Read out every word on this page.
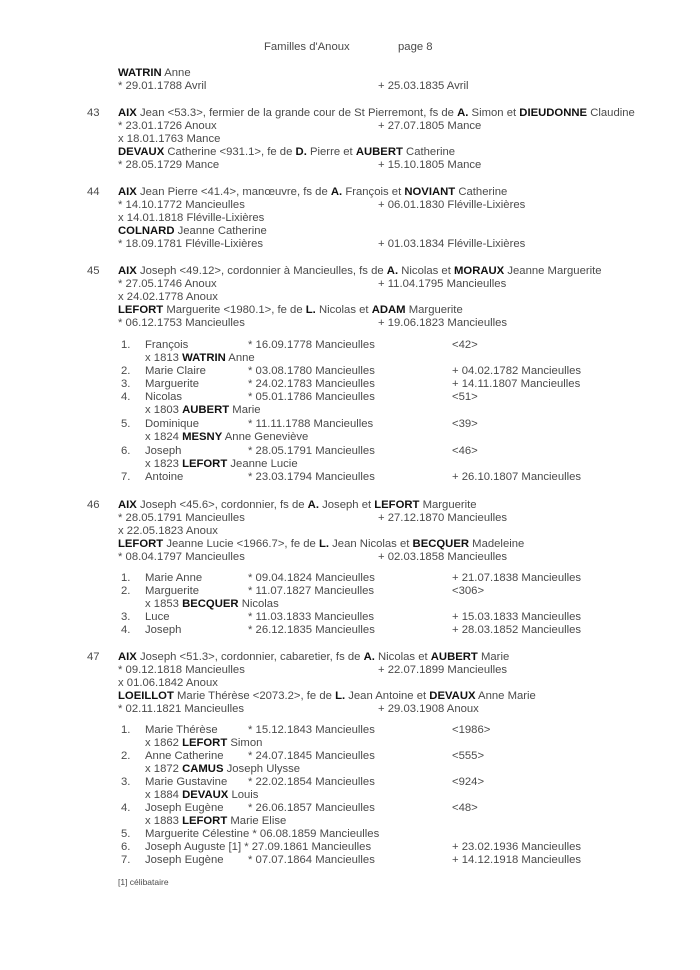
Familles d'Anoux	page 8
WATRIN Anne
* 29.01.1788 Avril	+ 25.03.1835 Avril
43 AIX Jean <53.3>, fermier de la grande cour de St Pierremont, fs de A. Simon et DIEUDONNE Claudine
* 23.01.1726 Anoux	+ 27.07.1805 Mance
x 18.01.1763 Mance
DEVAUX Catherine <931.1>, fe de D. Pierre et AUBERT Catherine
* 28.05.1729 Mance	+ 15.10.1805 Mance
44 AIX Jean Pierre <41.4>, manœuvre, fs de A. François et NOVIANT Catherine
* 14.10.1772 Mancieulles	+ 06.01.1830 Fléville-Lixières
x 14.01.1818 Fléville-Lixières
COLNARD Jeanne Catherine
* 18.09.1781 Fléville-Lixières	+ 01.03.1834 Fléville-Lixières
45 AIX Joseph <49.12>, cordonnier à Mancieulles, fs de A. Nicolas et MORAUX Jeanne Marguerite
* 27.05.1746 Anoux	+ 11.04.1795 Mancieulles
x 24.02.1778 Anoux
LEFORT Marguerite <1980.1>, fe de L. Nicolas et ADAM Marguerite
* 06.12.1753 Mancieulles	+ 19.06.1823 Mancieulles
1. François	* 16.09.1778 Mancieulles	<42>
x 1813 WATRIN Anne
2. Marie Claire	* 03.08.1780 Mancieulles	+ 04.02.1782 Mancieulles
3. Marguerite	* 24.02.1783 Mancieulles	+ 14.11.1807 Mancieulles
4. Nicolas	* 05.01.1786 Mancieulles	<51>
x 1803 AUBERT Marie
5. Dominique	* 11.11.1788 Mancieulles	<39>
x 1824 MESNY Anne Geneviève
6. Joseph	* 28.05.1791 Mancieulles	<46>
x 1823 LEFORT Jeanne Lucie
7. Antoine	* 23.03.1794 Mancieulles	+ 26.10.1807 Mancieulles
46 AIX Joseph <45.6>, cordonnier, fs de A. Joseph et LEFORT Marguerite
* 28.05.1791 Mancieulles	+ 27.12.1870 Mancieulles
x 22.05.1823 Anoux
LEFORT Jeanne Lucie <1966.7>, fe de L. Jean Nicolas et BECQUER Madeleine
* 08.04.1797 Mancieulles	+ 02.03.1858 Mancieulles
1. Marie Anne	* 09.04.1824 Mancieulles	+ 21.07.1838 Mancieulles
2. Marguerite	* 11.07.1827 Mancieulles	<306>
x 1853 BECQUER Nicolas
3. Luce	* 11.03.1833 Mancieulles	+ 15.03.1833 Mancieulles
4. Joseph	* 26.12.1835 Mancieulles	+ 28.03.1852 Mancieulles
47 AIX Joseph <51.3>, cordonnier, cabaretier, fs de A. Nicolas et AUBERT Marie
* 09.12.1818 Mancieulles	+ 22.07.1899 Mancieulles
x 01.06.1842 Anoux
LOEILLOT Marie Thérèse <2073.2>, fe de L. Jean Antoine et DEVAUX Anne Marie
* 02.11.1821 Mancieulles	+ 29.03.1908 Anoux
1. Marie Thérèse	* 15.12.1843 Mancieulles	<1986>
x 1862 LEFORT Simon
2. Anne Catherine * 24.07.1845 Mancieulles	<555>
x 1872 CAMUS Joseph Ulysse
3. Marie Gustavine * 22.02.1854 Mancieulles	<924>
x 1884 DEVAUX Louis
4. Joseph Eugène * 26.06.1857 Mancieulles	<48>
x 1883 LEFORT Marie Elise
5. Marguerite Célestine * 06.08.1859 Mancieulles
6. Joseph Auguste [1] * 27.09.1861 Mancieulles	+ 23.02.1936 Mancieulles
7. Joseph Eugène * 07.07.1864 Mancieulles	+ 14.12.1918 Mancieulles
[1] célibataire
